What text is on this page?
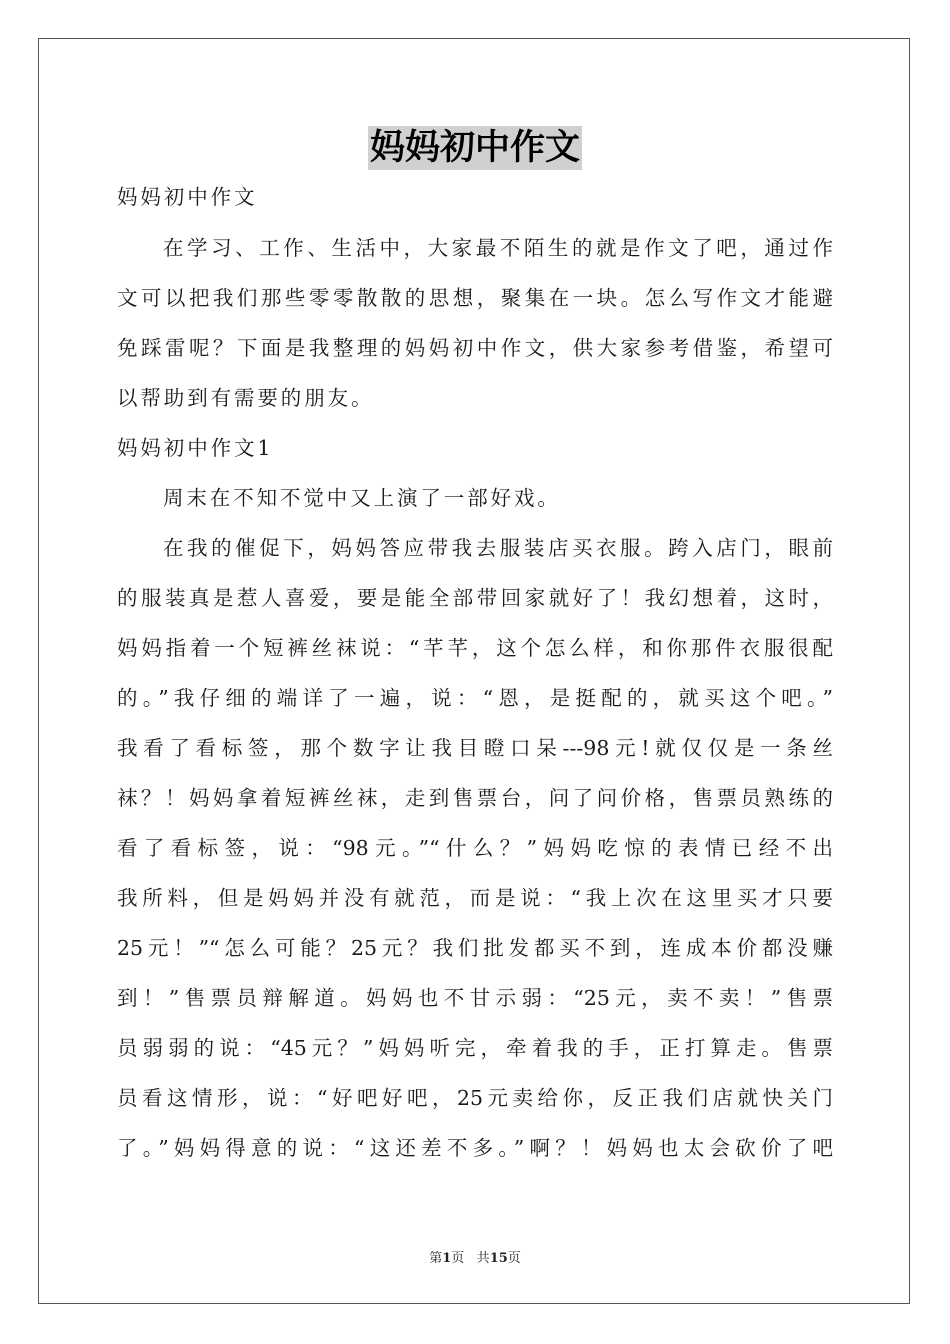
妈妈初中作文
妈妈初中作文
在学习、工作、生活中，大家最不陌生的就是作文了吧，通过作
文可以把我们那些零零散散的思想，聚集在一块。怎么写作文才能避
免踩雷呢？下面是我整理的妈妈初中作文，供大家参考借鉴，希望可
以帮助到有需要的朋友。
妈妈初中作文1
周末在不知不觉中又上演了一部好戏。
在我的催促下，妈妈答应带我去服装店买衣服。跨入店门，眼前
的服装真是惹人喜爱，要是能全部带回家就好了！我幻想着，这时，
妈妈指着一个短裤丝袜说：“芊芊，这个怎么样，和你那件衣服很配
的。”我仔细的端详了一遍，说：“恩，是挺配的，就买这个吧。”
我看了看标签，那个数字让我目瞪口呆---98元!就仅仅是一条丝
袜？！妈妈拿着短裤丝袜，走到售票台，问了问价格，售票员熟练的
看了看标签，说：“98元。”“什么？”妈妈吃惊的表情已经不出
我所料，但是妈妈并没有就范，而是说：“我上次在这里买才只要
25元！”“怎么可能？25元？我们批发都买不到，连成本价都没赚
到！”售票员辩解道。妈妈也不甘示弱：“25元，卖不卖！”售票
员弱弱的说：“45元？”妈妈听完，牵着我的手，正打算走。售票
员看这情形，说：“好吧好吧，25元卖给你，反正我们店就快关门
了。”妈妈得意的说：“这还差不多。”啊？！妈妈也太会砍价了吧
第1页 共15页
